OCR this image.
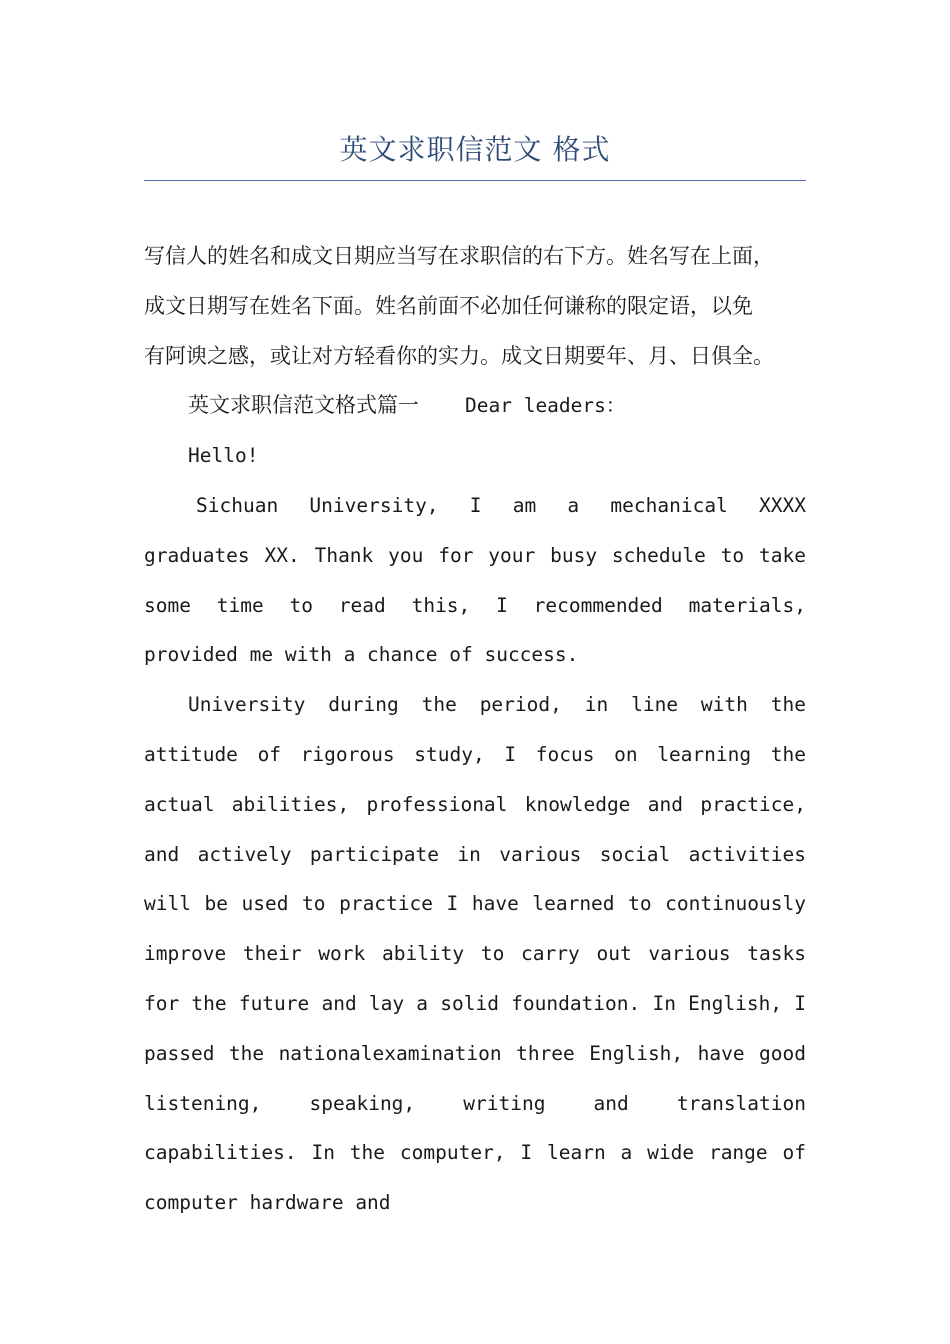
英文求职信范文 格式
写信人的姓名和成文日期应当写在求职信的右下方。姓名写在上面，
成文日期写在姓名下面。姓名前面不必加任何谦称的限定语，以免
有阿谀之感，或让对方轻看你的实力。成文日期要年、月、日俱全。

英文求职信范文格式篇一 Dear leaders：

Hello!

Sichuan University, I am a mechanical XXXX graduates XX. Thank you for your busy schedule to take some time to read this, I recommended materials, provided me with a chance of success.

University during the period, in line with the attitude of rigorous study, I focus on learning the actual abilities, professional knowledge and practice, and actively participate in various social activities will be used to practice I have learned to continuously improve their work ability to carry out various tasks for the future and lay a solid foundation. In English, I passed the nationalexamination three English, have good listening, speaking, writing and translation capabilities. In the computer, I learn a wide range of computer hardware and
